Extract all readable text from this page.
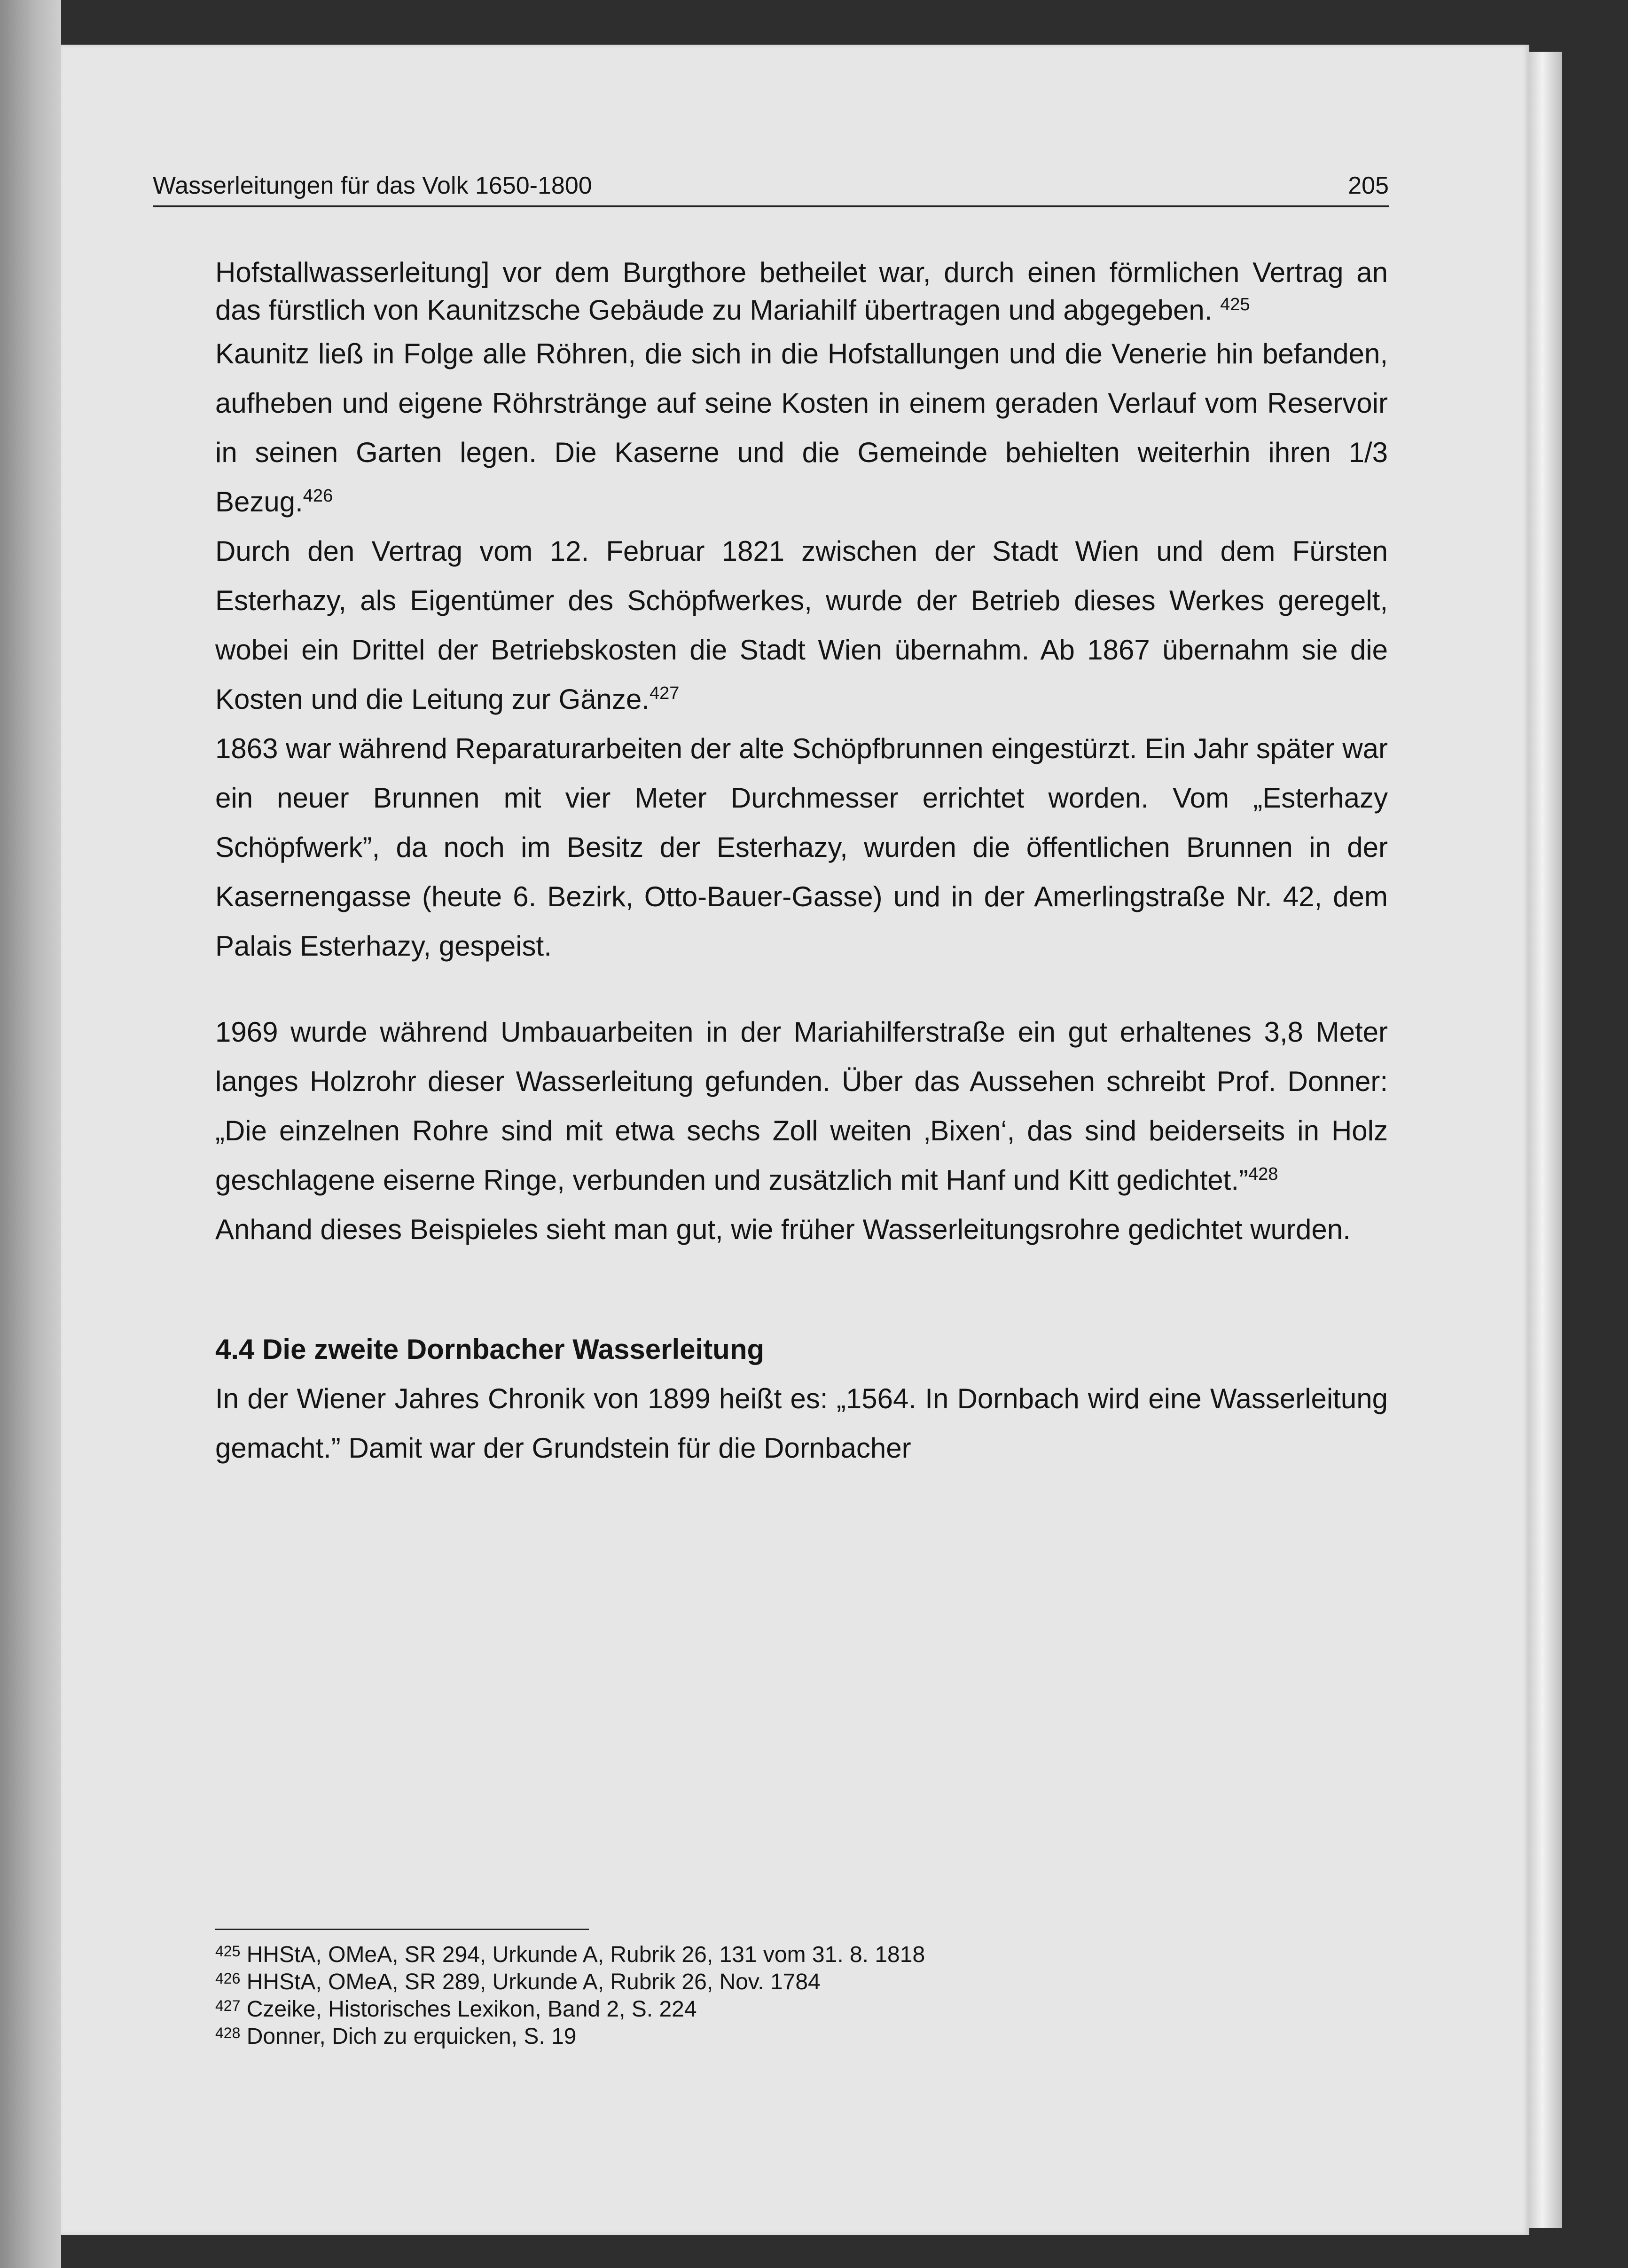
Wasserleitungen für das Volk 1650-1800	205

Hofstallwasserleitung] vor dem Burgthore betheilet war, durch einen förmlichen Vertrag an das fürstlich von Kaunitzsche Gebäude zu Mariahilf übertragen und abgegeben. $^{425}$

Kaunitz ließ in Folge alle Röhren, die sich in die Hofstallungen und die Venerie hin befanden, aufheben und eigene Röhrstränge auf seine Kosten in einem geraden Verlauf vom Reservoir in seinen Garten legen. Die Kaserne und die Gemeinde behielten weiterhin ihren 1/3 Bezug.$^{426}$

Durch den Vertrag vom 12. Februar 1821 zwischen der Stadt Wien und dem Fürsten Esterhazy, als Eigentümer des Schöpfwerkes, wurde der Betrieb dieses Werkes geregelt, wobei ein Drittel der Betriebskosten die Stadt Wien übernahm. Ab 1867 übernahm sie die Kosten und die Leitung zur Gänze.$^{427}$

1863 war während Reparaturarbeiten der alte Schöpfbrunnen eingestürzt. Ein Jahr später war ein neuer Brunnen mit vier Meter Durchmesser errichtet worden. Vom „Esterhazy Schöpfwerk”, da noch im Besitz der Esterhazy, wurden die öffentlichen Brunnen in der Kasernengasse (heute 6. Bezirk, Otto-Bauer-Gasse) und in der Amerlingstraße Nr. 42, dem Palais Esterhazy, gespeist.

1969 wurde während Umbauarbeiten in der Mariahilferstraße ein gut erhaltenes 3,8 Meter langes Holzrohr dieser Wasserleitung gefunden. Über das Aussehen schreibt Prof. Donner: „Die einzelnen Rohre sind mit etwa sechs Zoll weiten ‚Bixen‘, das sind beiderseits in Holz geschlagene eiserne Ringe, verbunden und zusätzlich mit Hanf und Kitt gedichtet.”$^{428}$

Anhand dieses Beispieles sieht man gut, wie früher Wasserleitungsrohre gedichtet wurden.

4.4 Die zweite Dornbacher Wasserleitung

In der Wiener Jahres Chronik von 1899 heißt es: „1564. In Dornbach wird eine Wasserleitung gemacht.” Damit war der Grundstein für die Dornbacher

$^{425}$ HHStA, OMeA, SR 294, Urkunde A, Rubrik 26, 131 vom 31. 8. 1818
$^{426}$ HHStA, OMeA, SR 289, Urkunde A, Rubrik 26, Nov. 1784
$^{427}$ Czeike, Historisches Lexikon, Band 2, S. 224
$^{428}$ Donner, Dich zu erquicken, S. 19
